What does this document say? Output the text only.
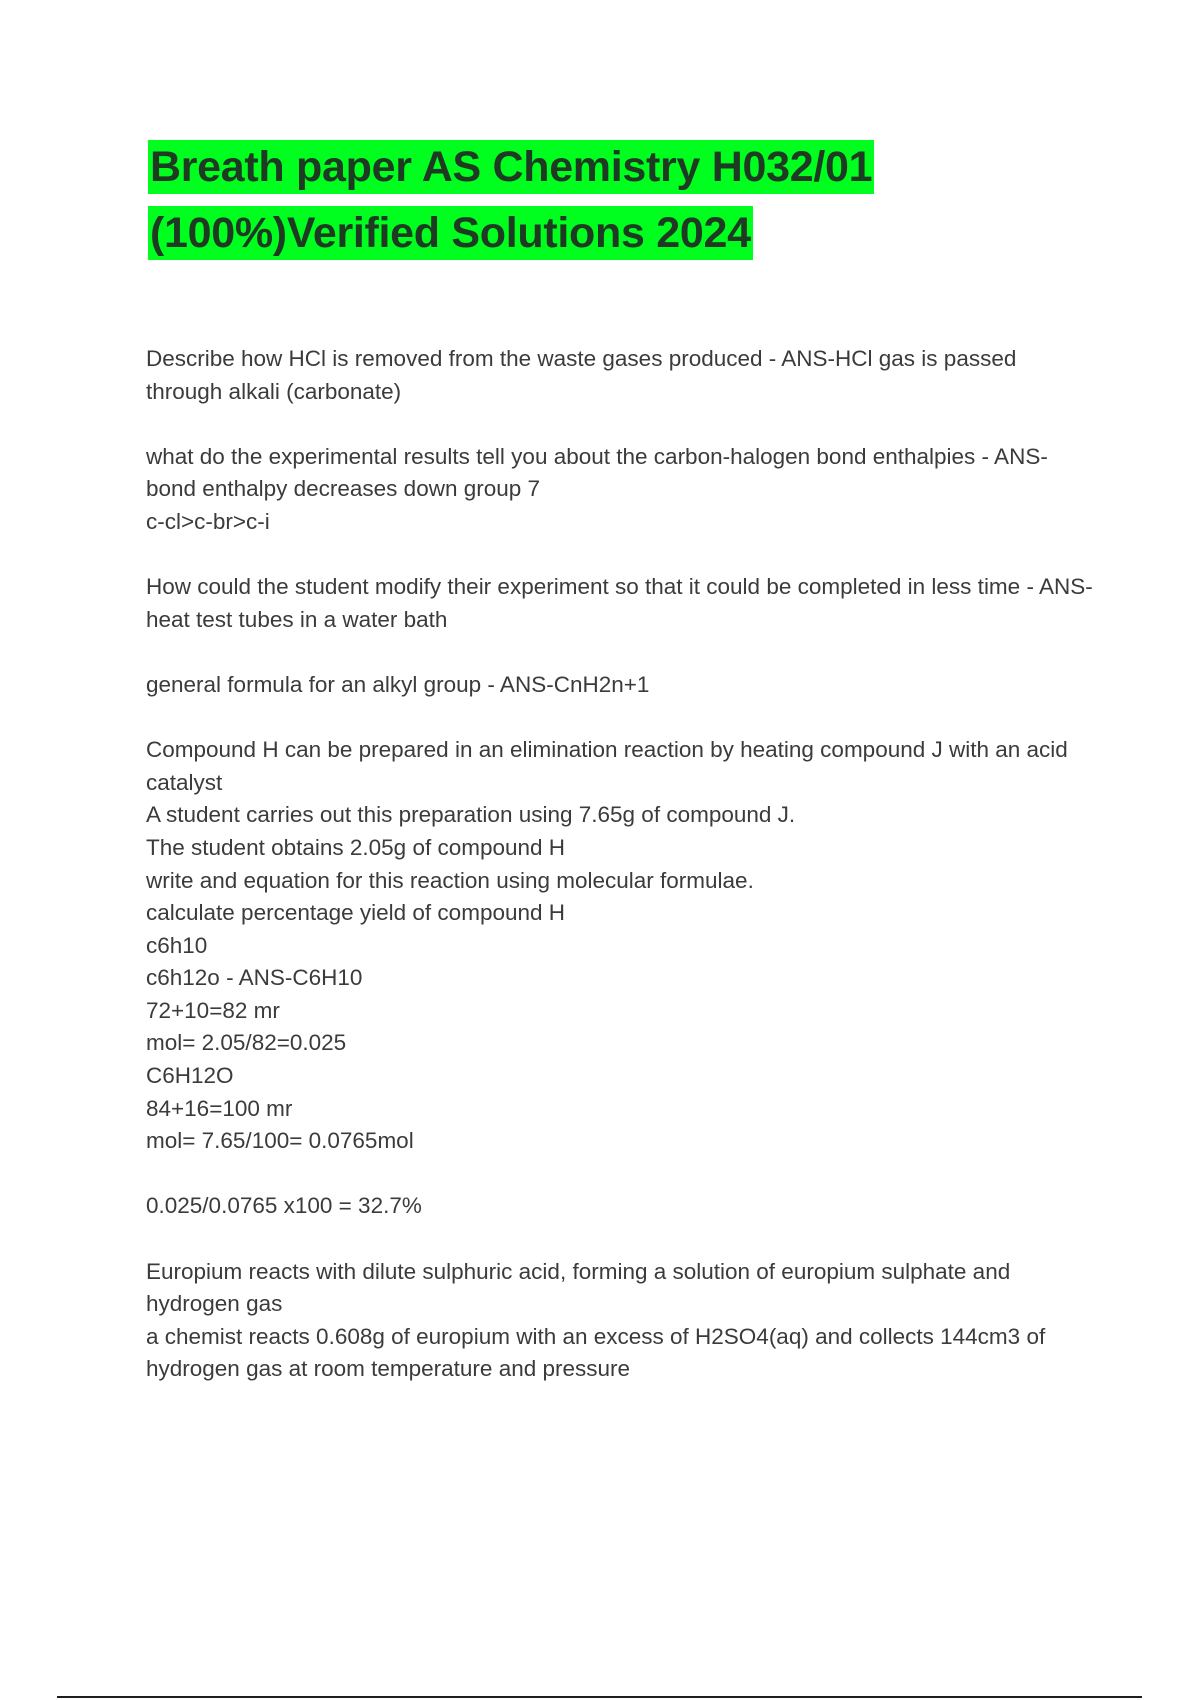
Breath paper AS Chemistry H032/01
(100%)Verified Solutions 2024
Describe how HCl is removed from the waste gases produced - ANS-HCl gas is passed through alkali (carbonate)
what do the experimental results tell you about the carbon-halogen bond enthalpies - ANS-bond enthalpy decreases down group 7
c-cl>c-br>c-i
How could the student modify their experiment so that it could be completed in less time - ANS-heat test tubes in a water bath
general formula for an alkyl group - ANS-CnH2n+1
Compound H can be prepared in an elimination reaction by heating compound J with an acid catalyst
A student carries out this preparation using 7.65g of compound J.
The student obtains 2.05g of compound H
write and equation for this reaction using molecular formulae.
calculate percentage yield of compound H
c6h10
c6h12o - ANS-C6H10
72+10=82 mr
mol= 2.05/82=0.025
C6H12O
84+16=100 mr
mol= 7.65/100= 0.0765mol
0.025/0.0765 x100 = 32.7%
Europium reacts with dilute sulphuric acid, forming a solution of europium sulphate and hydrogen gas
a chemist reacts 0.608g of europium with an excess of H2SO4(aq) and collects 144cm3 of hydrogen gas at room temperature and pressure
